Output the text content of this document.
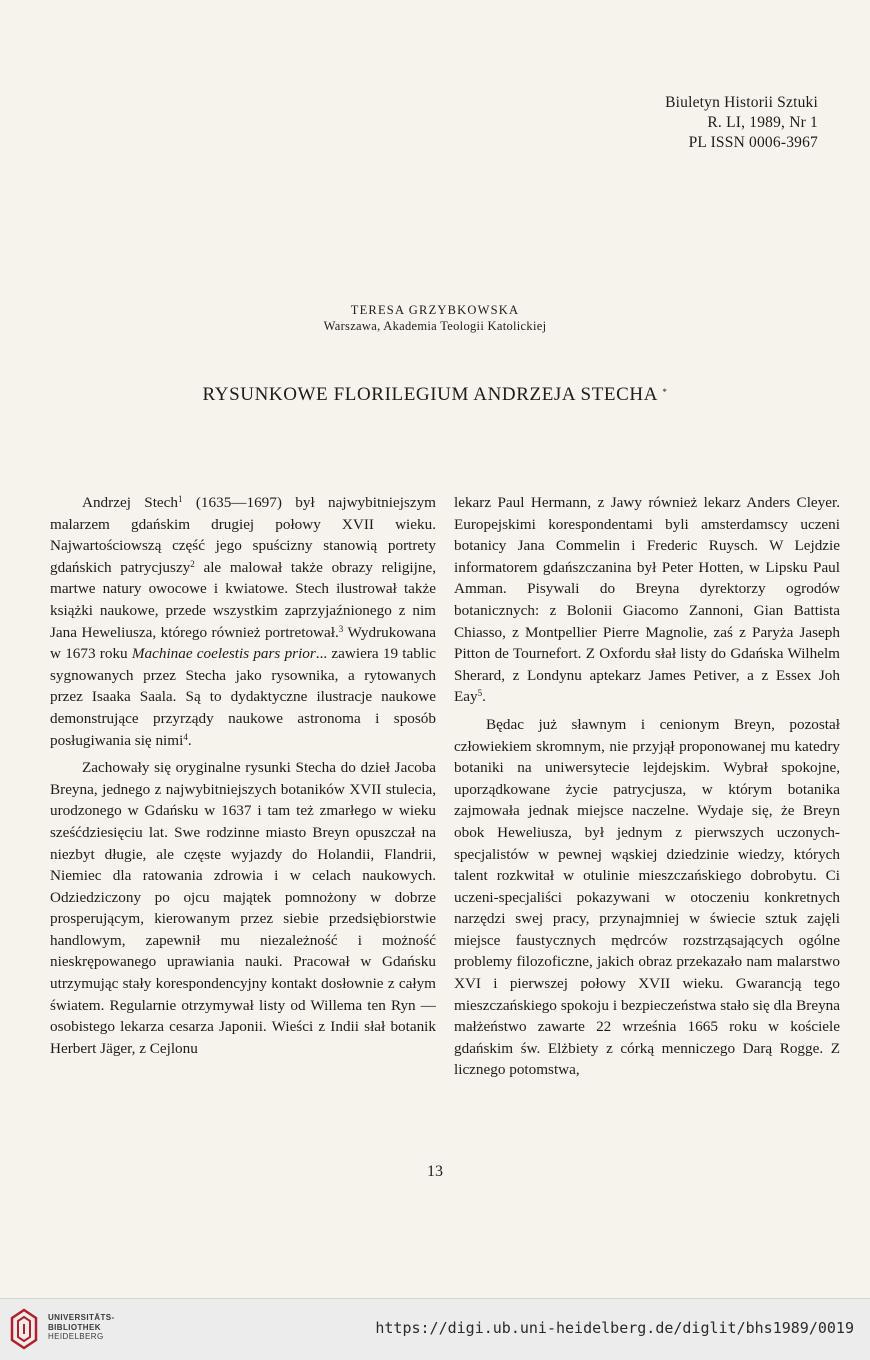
Biuletyn Historii Sztuki
R. LI, 1989, Nr 1
PL ISSN 0006-3967
TERESA GRZYBKOWSKA
Warszawa, Akademia Teologii Katolickiej
RYSUNKOWE FLORILEGIUM ANDRZEJA STECHA *

Andrzej Stech$^1$ (1635—1697) był najwybitniejszym malarzem gdańskim drugiej połowy XVII wieku. Najwartościowszą część jego spuścizny stanowią portrety gdańskich patrycjuszy$^2$ ale malował także obrazy religijne, martwe natury owocowe i kwiatowe. Stech ilustrował także książki naukowe, przede wszystkim zaprzyjaźnionego z nim Jana Heweliusza, którego również portretował.$^3$ Wydrukowana w 1673 roku Machinae coelestis pars prior... zawiera 19 tablic sygnowanych przez Stecha jako rysownika, a rytowanych przez Isaaka Saala. Są to dydaktyczne ilustracje naukowe demonstrujące przyrządy naukowe astronoma i sposób posługiwania się nimi$^4$.

Zachowały się oryginalne rysunki Stecha do dzieł Jacoba Breyna, jednego z najwybitniejszych botaników XVII stulecia, urodzonego w Gdańsku w 1637 i tam też zmarłego w wieku sześćdziesięciu lat. Swe rodzinne miasto Breyn opuszczał na niezbyt długie, ale częste wyjazdy do Holandii, Flandrii, Niemiec dla ratowania zdrowia i w celach naukowych. Odziedziczony po ojcu majątek pomnożony w dobrze prosperującym, kierowanym przez siebie przedsiębiorstwie handlowym, zapewnił mu niezależność i możność nieskrępowanego uprawiania nauki. Pracował w Gdańsku utrzymując stały korespondencyjny kontakt dosłownie z całym światem. Regularnie otrzymywał listy od Willema ten Ryn — osobistego lekarza cesarza Japonii. Wieści z Indii słał botanik Herbert Jäger, z Cejlonu

lekarz Paul Hermann, z Jawy również lekarz Anders Cleyer. Europejskimi korespondentami byli amsterdamscy uczeni botanicy Jana Commelin i Frederic Ruysch. W Lejdzie informatorem gdańszczanina był Peter Hotten, w Lipsku Paul Amman. Pisywali do Breyna dyrektorzy ogrodów botanicznych: z Bolonii Giacomo Zannoni, Gian Battista Chiasso, z Montpellier Pierre Magnolie, zaś z Paryża Jaseph Pitton de Tournefort. Z Oxfordu słał listy do Gdańska Wilhelm Sherard, z Londynu aptekarz James Petiver, a z Essex Joh Eay$^5$.

Będac już sławnym i cenionym Breyn, pozostał człowiekiem skromnym, nie przyjął proponowanej mu katedry botaniki na uniwersytecie lejdejskim. Wybrał spokojne, uporządkowane życie patrycjusza, w którym botanika zajmowała jednak miejsce naczelne. Wydaje się, że Breyn obok Heweliusza, był jednym z pierwszych uczonych-specjalistów w pewnej wąskiej dziedzinie wiedzy, których talent rozkwitał w otulinie mieszczańskiego dobrobytu. Ci uczeni-specjaliści pokazywani w otoczeniu konkretnych narzędzi swej pracy, przynajmniej w świecie sztuk zajęli miejsce faustycznych mędrców rozstrząsających ogólne problemy filozoficzne, jakich obraz przekazało nam malarstwo XVI i pierwszej połowy XVII wieku. Gwarancją tego mieszczańskiego spokoju i bezpieczeństwa stało się dla Breyna małżeństwo zawarte 22 września 1665 roku w kościele gdańskim św. Elżbiety z córką menniczego Darą Rogge. Z licznego potomstwa,

13
UNIVERSITÄTS-
BIBLIOTHEK
HEIDELBERG	https://digi.ub.uni-heidelberg.de/diglit/bhs1989/0019
